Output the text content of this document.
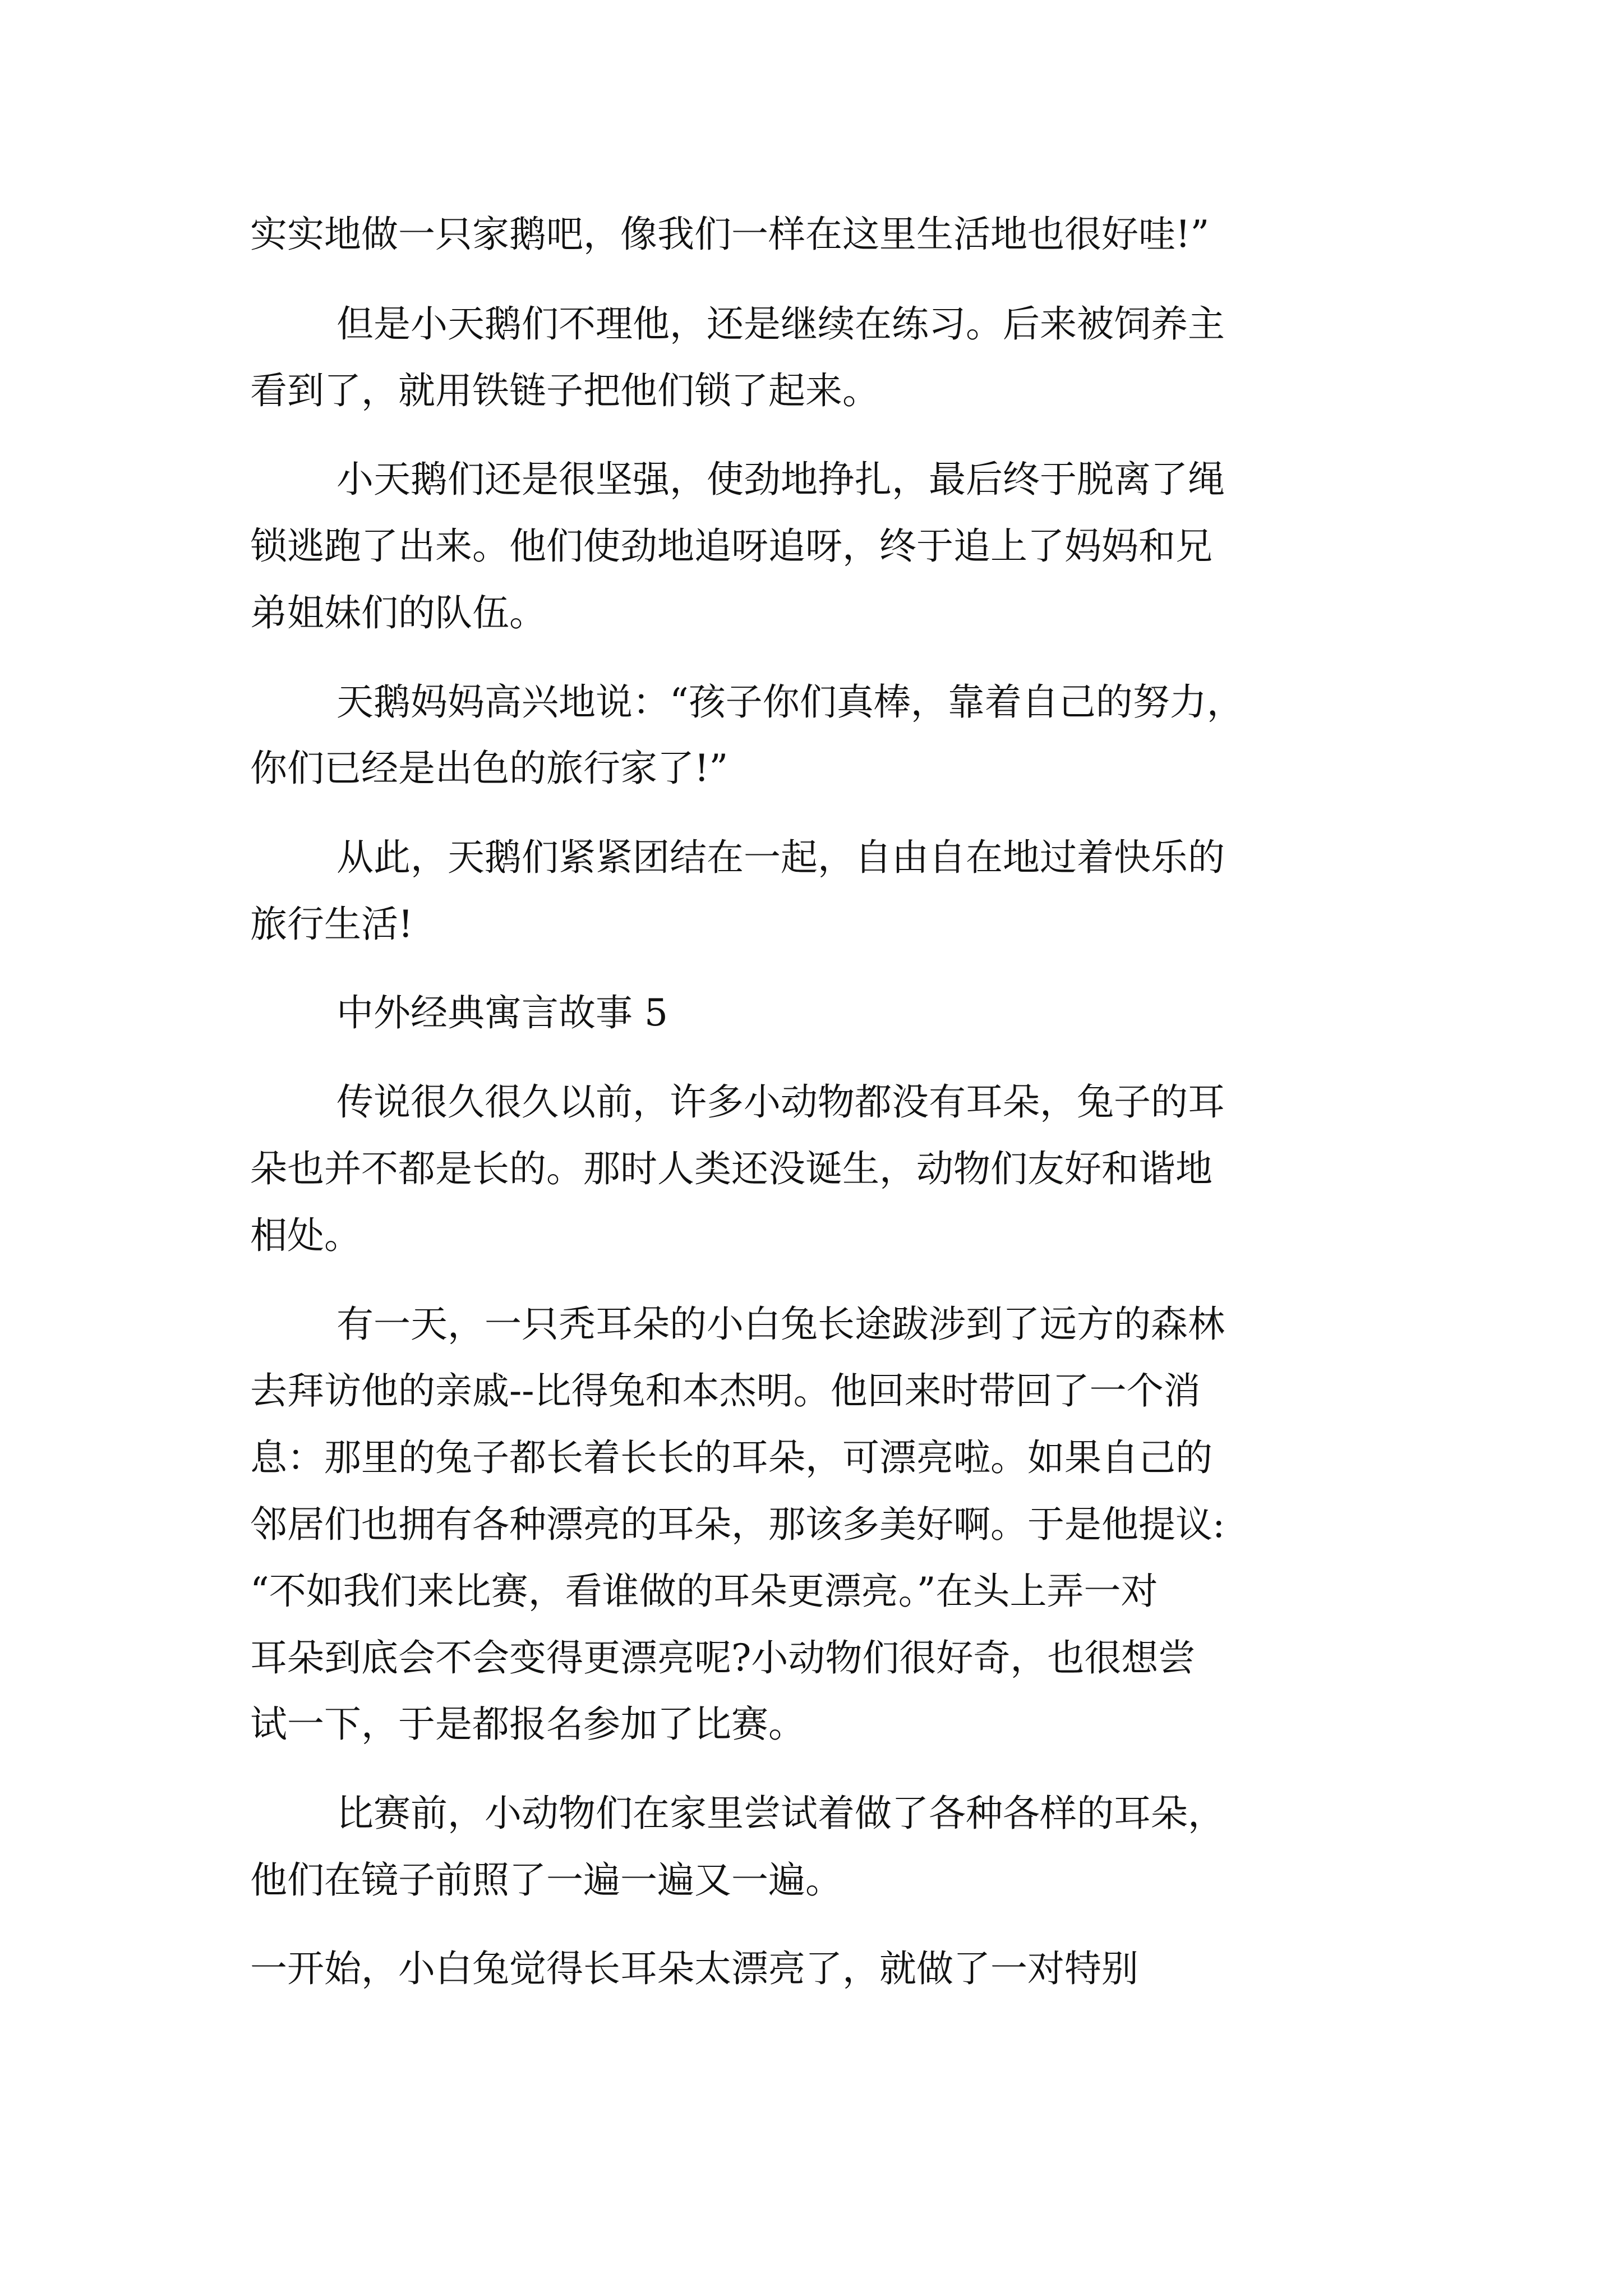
实实地做一只家鹅吧，像我们一样在这里生活地也很好哇!”
但是小天鹅们不理他，还是继续在练习。后来被饲养主
看到了，就用铁链子把他们锁了起来。
小天鹅们还是很坚强，使劲地挣扎，最后终于脱离了绳
锁逃跑了出来。他们使劲地追呀追呀，终于追上了妈妈和兄
弟姐妹们的队伍。
天鹅妈妈高兴地说：“孩子你们真棒，靠着自己的努力，
你们已经是出色的旅行家了!”
从此，天鹅们紧紧团结在一起，自由自在地过着快乐的
旅行生活!
中外经典寓言故事 5
传说很久很久以前，许多小动物都没有耳朵，兔子的耳
朵也并不都是长的。那时人类还没诞生，动物们友好和谐地
相处。
有一天，一只秃耳朵的小白兔长途跋涉到了远方的森林
去拜访他的亲戚--比得兔和本杰明。他回来时带回了一个消
息：那里的兔子都长着长长的耳朵，可漂亮啦。如果自己的
邻居们也拥有各种漂亮的耳朵，那该多美好啊。于是他提议:
“不如我们来比赛，看谁做的耳朵更漂亮。”在头上弄一对
耳朵到底会不会变得更漂亮呢?小动物们很好奇，也很想尝
试一下，于是都报名参加了比赛。
比赛前，小动物们在家里尝试着做了各种各样的耳朵，
他们在镜子前照了一遍一遍又一遍。
一开始，小白兔觉得长耳朵太漂亮了，就做了一对特别
